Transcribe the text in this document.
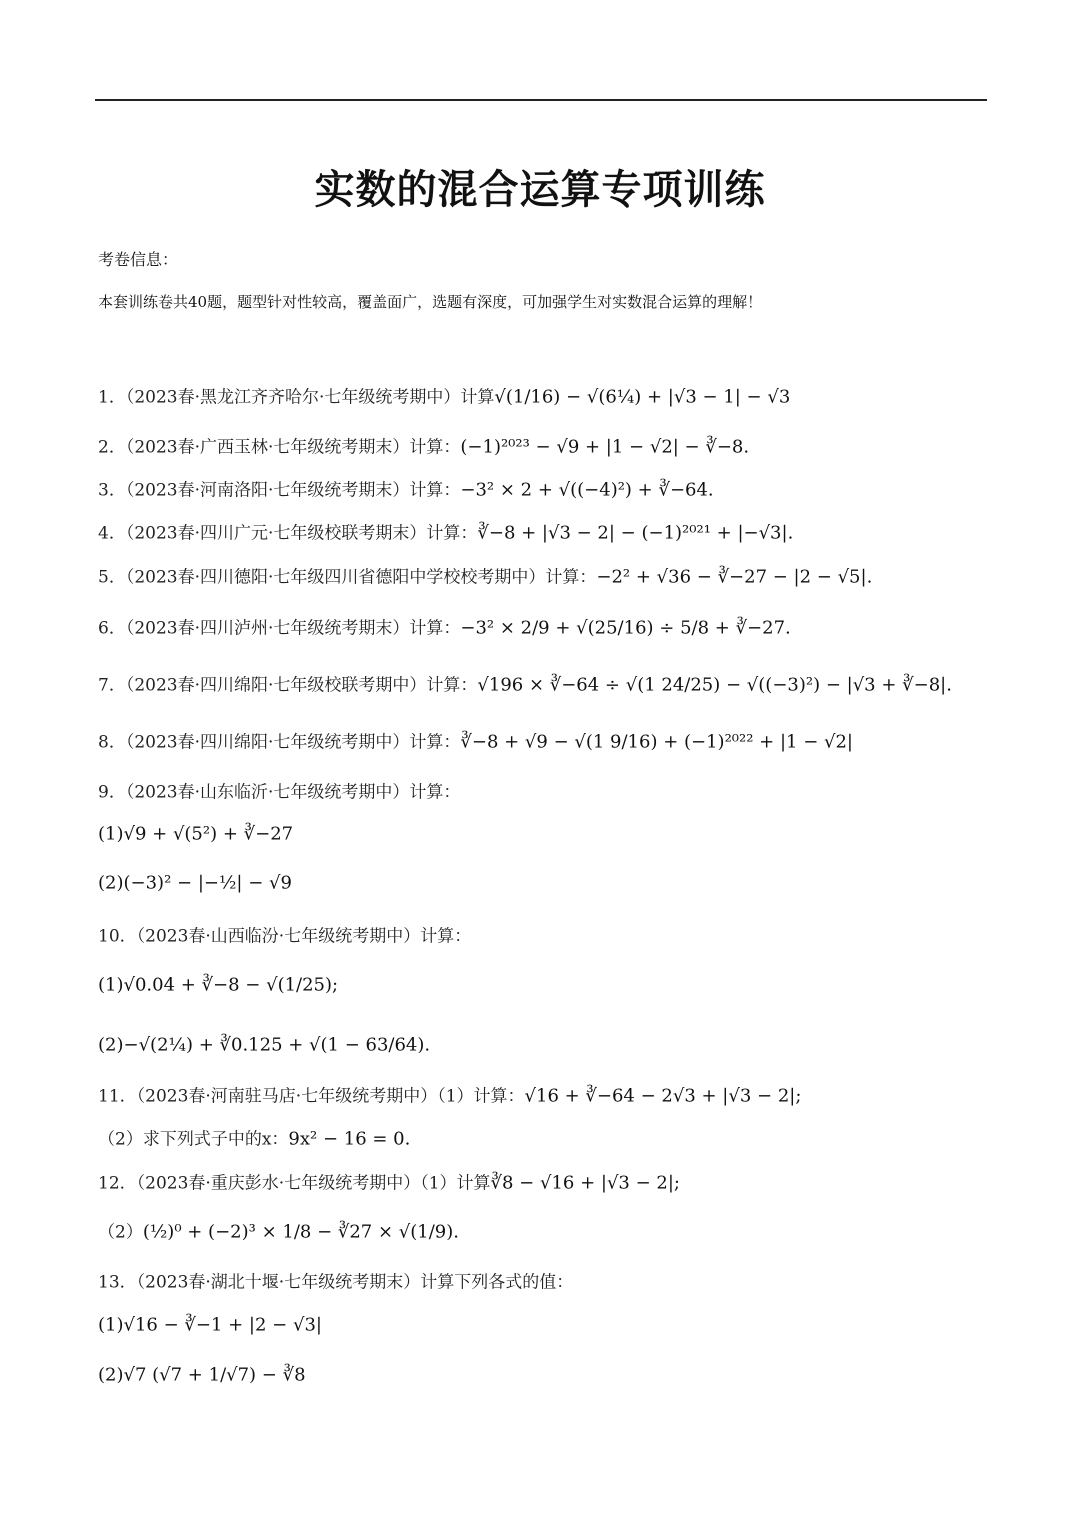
实数的混合运算专项训练
考卷信息：
本套训练卷共40题，题型针对性较高，覆盖面广，选题有深度，可加强学生对实数混合运算的理解！
1．（2023春·黑龙江齐齐哈尔·七年级统考期中）计算√(1/16) − √(6¼) + |√3 − 1| − √3
2．（2023春·广西玉林·七年级统考期末）计算：(−1)²⁰²³ − √9 + |1 − √2| − ∛−8.
3．（2023春·河南洛阳·七年级统考期末）计算：−3² × 2 + √((−4)²) + ∛−64.
4．（2023春·四川广元·七年级校联考期末）计算：∛−8 + |√3 − 2| − (−1)²⁰²¹ + |−√3|.
5．（2023春·四川德阳·七年级四川省德阳中学校校考期中）计算：−2² + √36 − ∛−27 − |2 − √5|.
6．（2023春·四川泸州·七年级统考期末）计算：−3² × 2/9 + √(25/16) ÷ 5/8 + ∛−27.
7．（2023春·四川绵阳·七年级校联考期中）计算：√196 × ∛−64 ÷ √(1 24/25) − √((−3)²) − |√3 + ∛−8|.
8．（2023春·四川绵阳·七年级统考期中）计算：∛−8 + √9 − √(1 9/16) + (−1)²⁰²² + |1 − √2|
9．（2023春·山东临沂·七年级统考期中）计算：
(1)√9 + √(5²) + ∛−27
(2)(−3)² − |−½| − √9
10．（2023春·山西临汾·七年级统考期中）计算：
(1)√0.04 + ∛−8 − √(1/25);
(2)−√(2¼) + ∛0.125 + √(1 − 63/64).
11．（2023春·河南驻马店·七年级统考期中）（1）计算：√16 + ∛−64 − 2√3 + |√3 − 2|;
（2）求下列式子中的x：9x² − 16 = 0.
12．（2023春·重庆彭水·七年级统考期中）（1）计算∛8 − √16 + |√3 − 2|;
（2）(½)⁰ + (−2)³ × 1/8 − ∛27 × √(1/9).
13．（2023春·湖北十堰·七年级统考期末）计算下列各式的值：
(1)√16 − ∛−1 + |2 − √3|
(2)√7 (√7 + 1/√7) − ∛8
